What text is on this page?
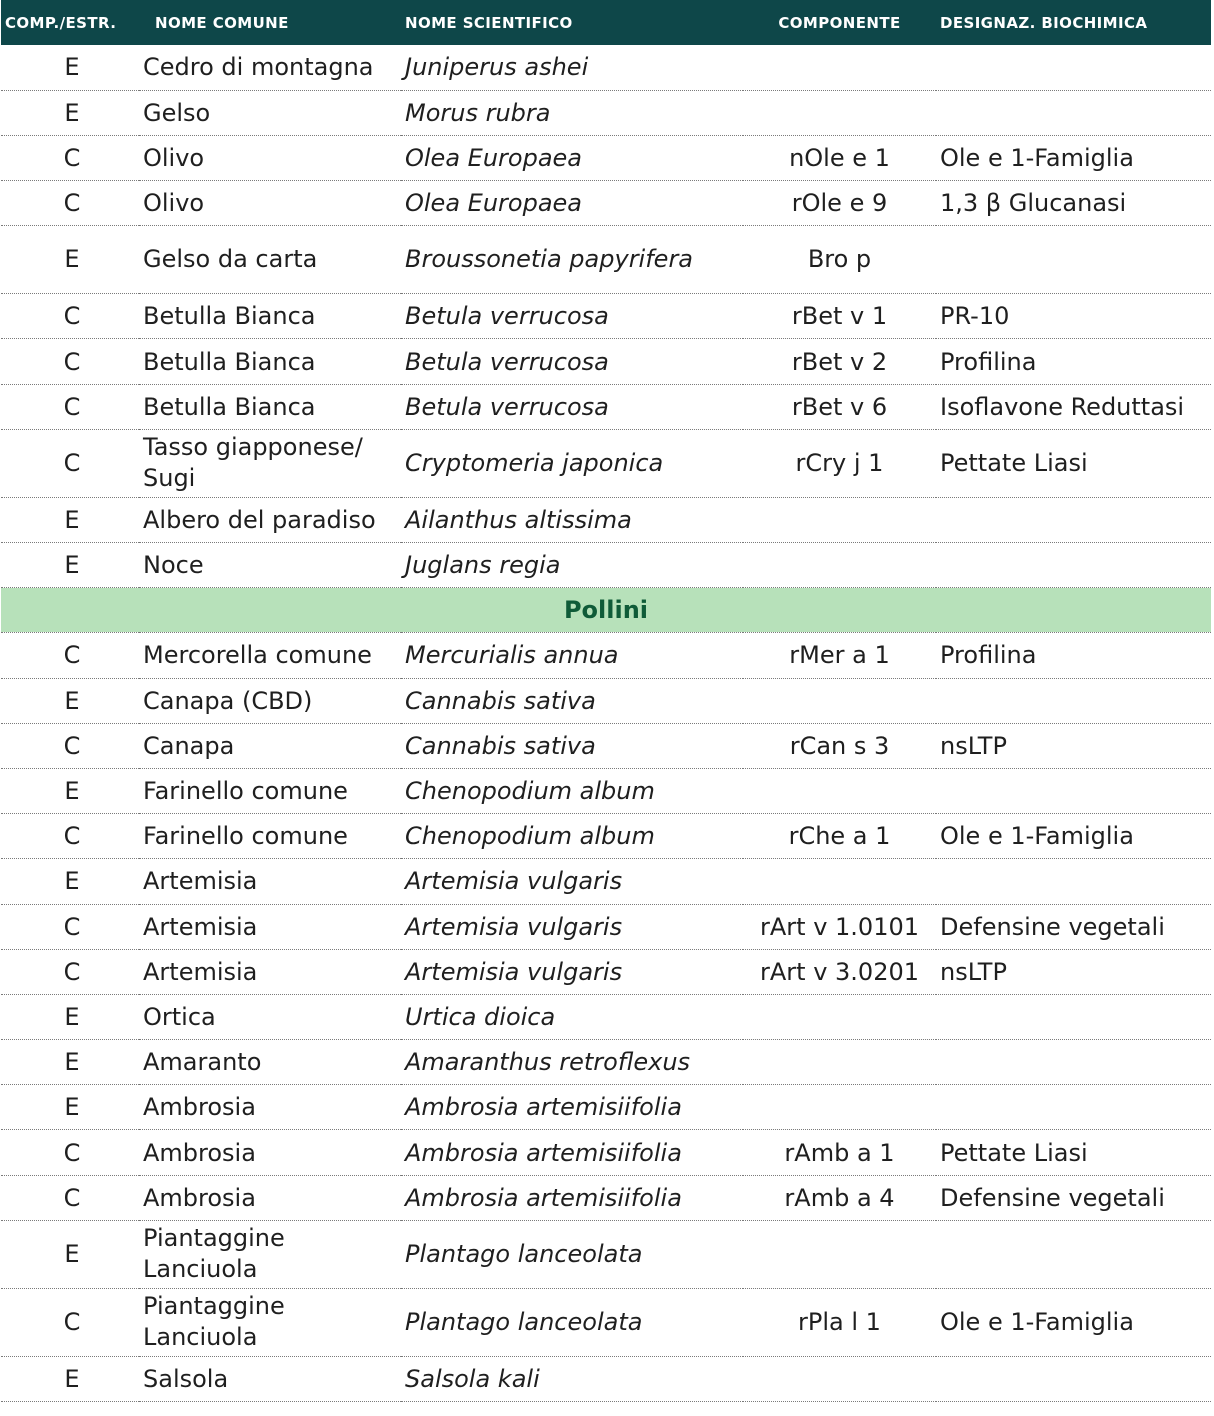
COMP./ESTR.	NOME COMUNE	NOME SCIENTIFICO	COMPONENTE	DESIGNAZ. BIOCHIMICA
E	Cedro di montagna	Juniperus ashei		
E	Gelso	Morus rubra		
C	Olivo	Olea Europaea	nOle e 1	Ole e 1-Famiglia
C	Olivo	Olea Europaea	rOle e 9	1,3 β Glucanasi
E	Gelso da carta	Broussonetia papyrifera	Bro p	
C	Betulla Bianca	Betula verrucosa	rBet v 1	PR-10
C	Betulla Bianca	Betula verrucosa	rBet v 2	Profilina
C	Betulla Bianca	Betula verrucosa	rBet v 6	Isoflavone Reduttasi
C	Tasso giapponese/ Sugi	Cryptomeria japonica	rCry j 1	Pettate Liasi
E	Albero del paradiso	Ailanthus altissima		
E	Noce	Juglans regia		
Pollini				
C	Mercorella comune	Mercurialis annua	rMer a 1	Profilina
E	Canapa (CBD)	Cannabis sativa		
C	Canapa	Cannabis sativa	rCan s 3	nsLTP
E	Farinello comune	Chenopodium album		
C	Farinello comune	Chenopodium album	rChe a 1	Ole e 1-Famiglia
E	Artemisia	Artemisia vulgaris		
C	Artemisia	Artemisia vulgaris	rArt v 1.0101	Defensine vegetali
C	Artemisia	Artemisia vulgaris	rArt v 3.0201	nsLTP
E	Ortica	Urtica dioica		
E	Amaranto	Amaranthus retroflexus		
E	Ambrosia	Ambrosia artemisiifolia		
C	Ambrosia	Ambrosia artemisiifolia	rAmb a 1	Pettate Liasi
C	Ambrosia	Ambrosia artemisiifolia	rAmb a 4	Defensine vegetali
E	Piantaggine Lanciuola	Plantago lanceolata		
C	Piantaggine Lanciuola	Plantago lanceolata	rPla l 1	Ole e 1-Famiglia
E	Salsola	Salsola kali		
